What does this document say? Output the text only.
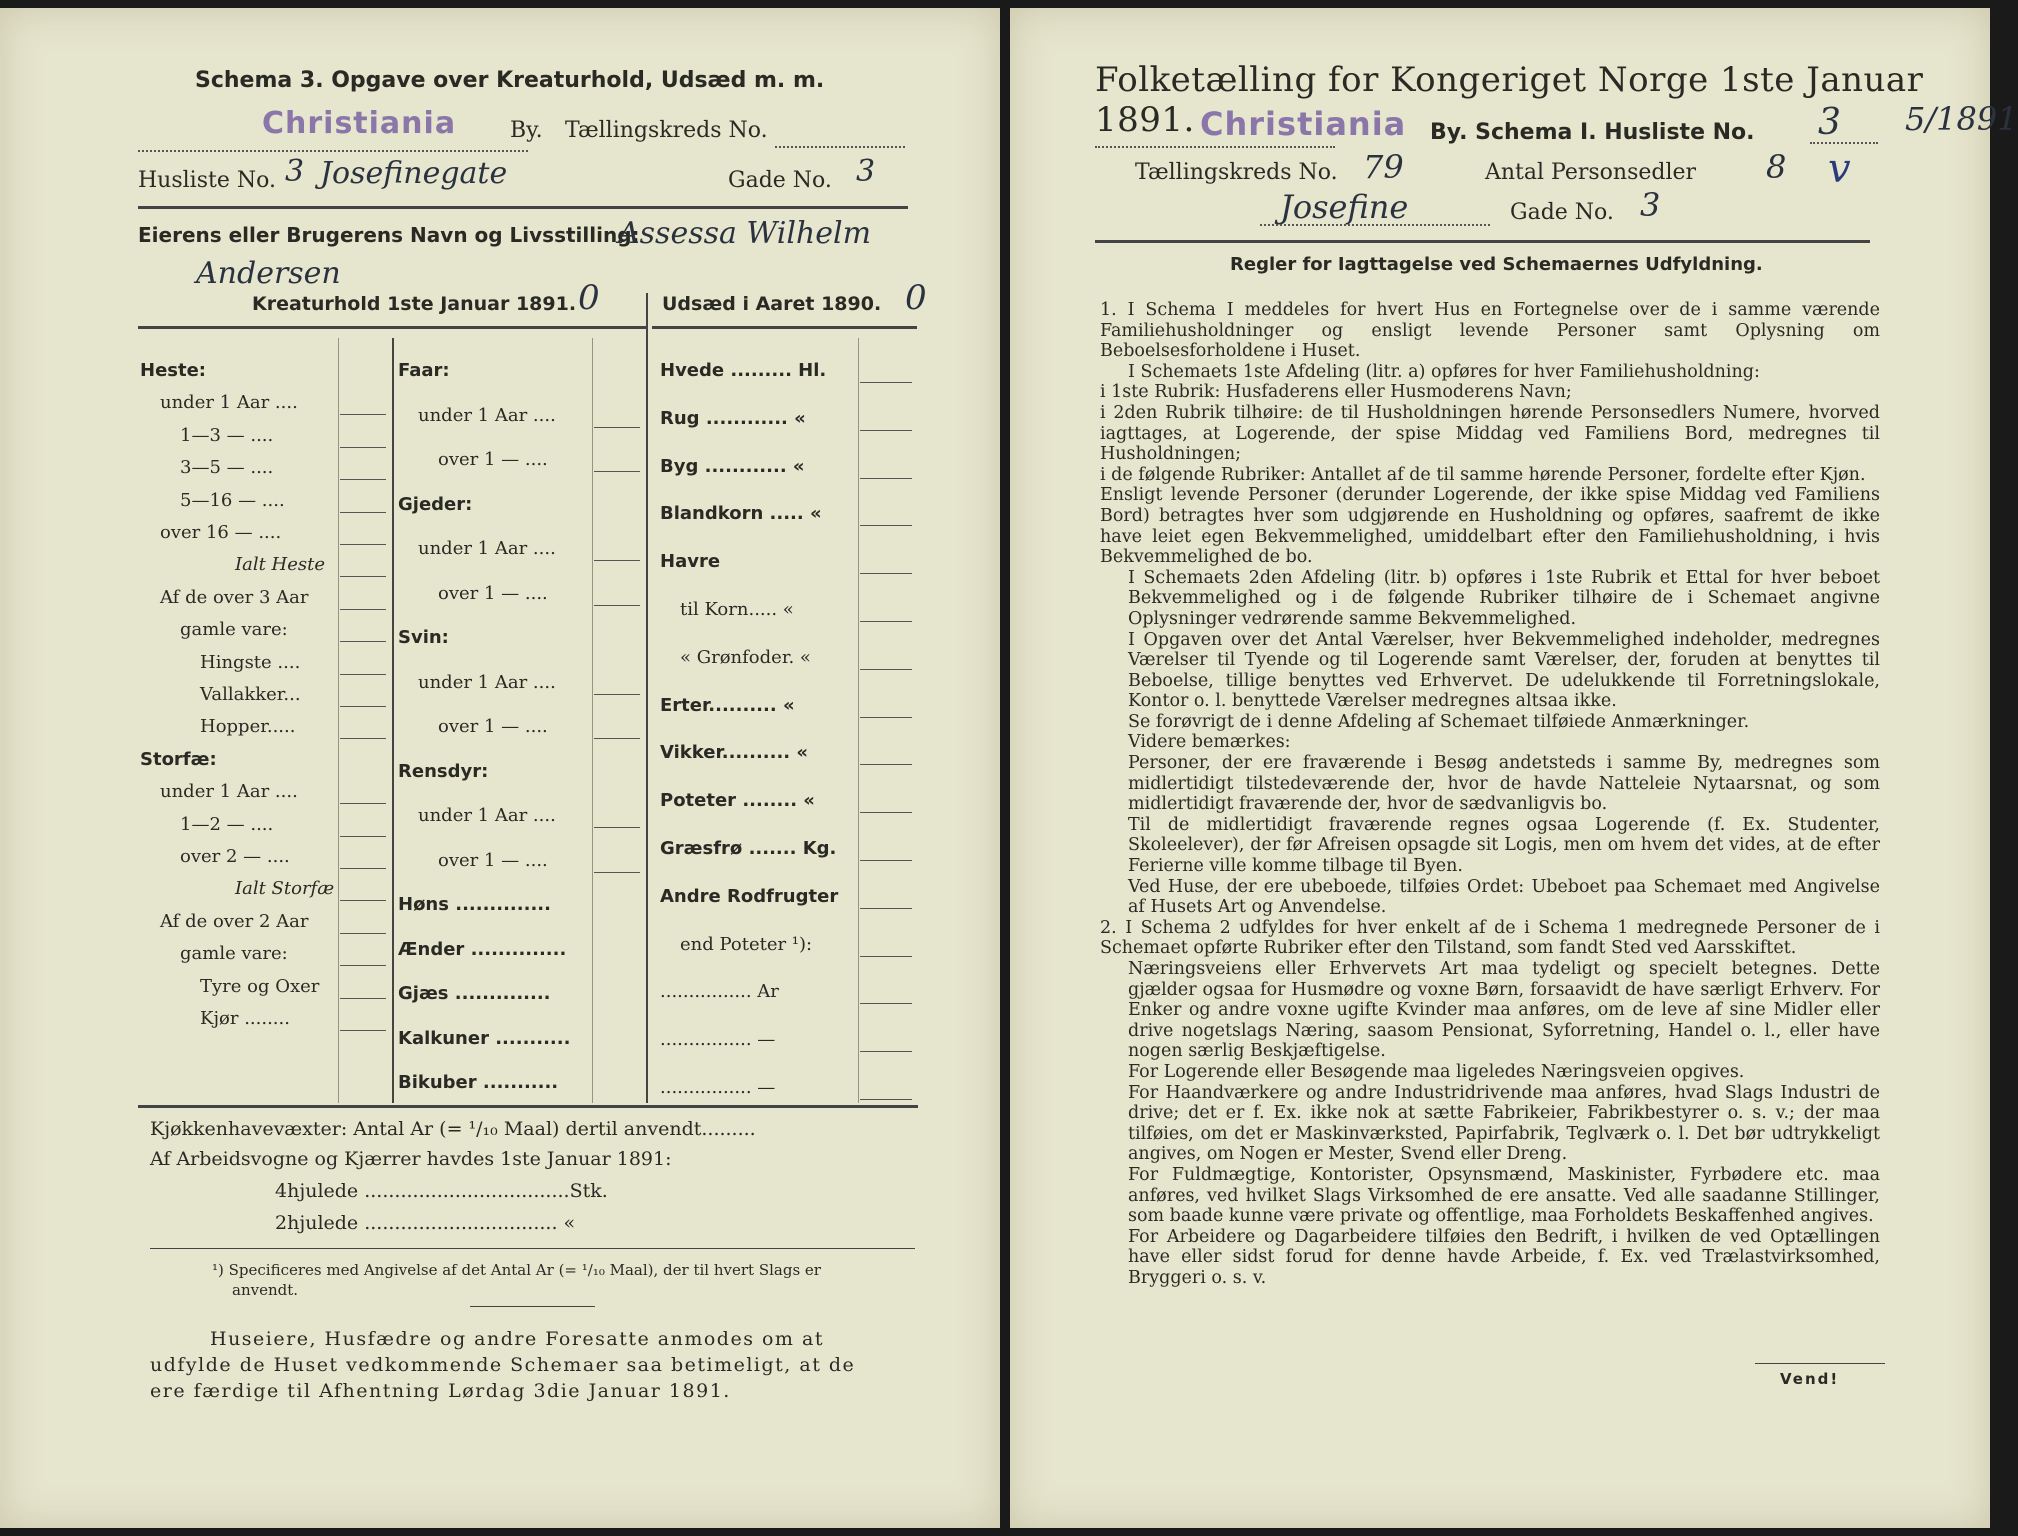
Schema 3. Opgave over Kreaturhold, Udsæd m. m.
Christiania By. Tællingskreds No.
Husliste No. 3 Josefinegate	Gade No. 3
Eierens eller Brugerens Navn og Livsstilling:
Assessa Wilhelm
Andersen
Kreaturhold 1ste Januar 1891. 0	Udsæd i Aaret 1890. 0
Heste:
under 1 Aar ....
1—3 — ....
3—5 — ....
5—16 — ....
over 16 — ....
Ialt Heste
Af de over 3 Aar
gamle vare:
Hingste ....
Vallakker...
Hopper.....
Storfæ:
under 1 Aar ....
1—2 — ....
over 2 — ....
Ialt Storfæ
Af de over 2 Aar
gamle vare:
Tyre og Oxer
Kjør ........
Faar:
under 1 Aar ....
over 1 — ....
Gjeder:
under 1 Aar ....
over 1 — ....
Svin:
under 1 Aar ....
over 1 — ....
Rensdyr:
under 1 Aar ....
over 1 — ....
Høns ..............
Ænder ..............
Gjæs ..............
Kalkuner ...........
Bikuber ...........
Hvede ......... Hl.
Rug ............ «
Byg ............ «
Blandkorn ..... «
Havre
til Korn..... «
« Grønfoder. «
Erter.......... «
Vikker.......... «
Poteter ........ «
Græsfrø ....... Kg.
Andre Rodfrugter
end Poteter ¹):
................ Ar
................ —
................ —
Kjøkkenhavevæxter: Antal Ar (= ¹/₁₀ Maal) dertil anvendt.........
Af Arbeidsvogne og Kjærrer havdes 1ste Januar 1891:
4hjulede ..................................Stk.
2hjulede ................................ «
¹) Specificeres med Angivelse af det Antal Ar (= ¹/₁₀ Maal), der til hvert Slags er
anvendt.
Huseiere, Husfædre og andre Foresatte anmodes om at
udfylde de Huset vedkommende Schemaer saa betimeligt, at de
ere færdige til Afhentning Lørdag 3die Januar 1891.
Folketælling for Kongeriget Norge 1ste Januar 1891. Christiania By. Schema I. Husliste No. 3 5/1891
Tællingskreds No. 79	Antal Personsedler 8 v
Josefine	Gade No. 3
Regler for Iagttagelse ved Schemaernes Udfyldning.

1. I Schema I meddeles for hvert Hus en Fortegnelse over de i samme værende Familiehusholdninger og ensligt levende Personer samt Oplysning om Beboelsesforholdene i Huset.

I Schemaets 1ste Afdeling (litr. a) opføres for hver Familiehusholdning:

i 1ste Rubrik: Husfaderens eller Husmoderens Navn;

i 2den Rubrik tilhøire: de til Husholdningen hørende Personsedlers Numere, hvorved iagttages, at Logerende, der spise Middag ved Familiens Bord, medregnes til Husholdningen;

i de følgende Rubriker: Antallet af de til samme hørende Personer, fordelte efter Kjøn.

Ensligt levende Personer (derunder Logerende, der ikke spise Middag ved Familiens Bord) betragtes hver som udgjørende en Husholdning og opføres, saafremt de ikke have leiet egen Bekvemmelighed, umiddelbart efter den Familiehusholdning, i hvis Bekvemmelighed de bo.

I Schemaets 2den Afdeling (litr. b) opføres i 1ste Rubrik et Ettal for hver beboet Bekvemmelighed og i de følgende Rubriker tilhøire de i Schemaet angivne Oplysninger vedrørende samme Bekvemmelighed.

I Opgaven over det Antal Værelser, hver Bekvemmelighed indeholder, medregnes Værelser til Tyende og til Logerende samt Værelser, der, foruden at benyttes til Beboelse, tillige benyttes ved Erhvervet. De udelukkende til Forretningslokale, Kontor o. l. benyttede Værelser medregnes altsaa ikke.

Se forøvrigt de i denne Afdeling af Schemaet tilføiede Anmærkninger.

Videre bemærkes:

Personer, der ere fraværende i Besøg andetsteds i samme By, medregnes som midlertidigt tilstedeværende der, hvor de havde Natteleie Nytaarsnat, og som midlertidigt fraværende der, hvor de sædvanligvis bo.

Til de midlertidigt fraværende regnes ogsaa Logerende (f. Ex. Studenter, Skoleelever), der før Afreisen opsagde sit Logis, men om hvem det vides, at de efter Ferierne ville komme tilbage til Byen.

Ved Huse, der ere ubeboede, tilføies Ordet: Ubeboet paa Schemaet med Angivelse af Husets Art og Anvendelse.

2. I Schema 2 udfyldes for hver enkelt af de i Schema 1 medregnede Personer de i Schemaet opførte Rubriker efter den Tilstand, som fandt Sted ved Aarsskiftet.

Næringsveiens eller Erhvervets Art maa tydeligt og specielt betegnes. Dette gjælder ogsaa for Husmødre og voxne Børn, forsaavidt de have særligt Erhverv. For Enker og andre voxne ugifte Kvinder maa anføres, om de leve af sine Midler eller drive nogetslags Næring, saasom Pensionat, Syforretning, Handel o. l., eller have nogen særlig Beskjæftigelse.

For Logerende eller Besøgende maa ligeledes Næringsveien opgives.

For Haandværkere og andre Industridrivende maa anføres, hvad Slags Industri de drive; det er f. Ex. ikke nok at sætte Fabrikeier, Fabrikbestyrer o. s. v.; der maa tilføies, om det er Maskinværksted, Papirfabrik, Teglværk o. l. Det bør udtrykkeligt angives, om Nogen er Mester, Svend eller Dreng.

For Fuldmægtige, Kontorister, Opsynsmænd, Maskinister, Fyrbødere etc. maa anføres, ved hvilket Slags Virksomhed de ere ansatte. Ved alle saadanne Stillinger, som baade kunne være private og offentlige, maa Forholdets Beskaffenhed angives.

For Arbeidere og Dagarbeidere tilføies den Bedrift, i hvilken de ved Optællingen have eller sidst forud for denne havde Arbeide, f. Ex. ved Trælastvirksomhed, Bryggeri o. s. v.

Vend!
